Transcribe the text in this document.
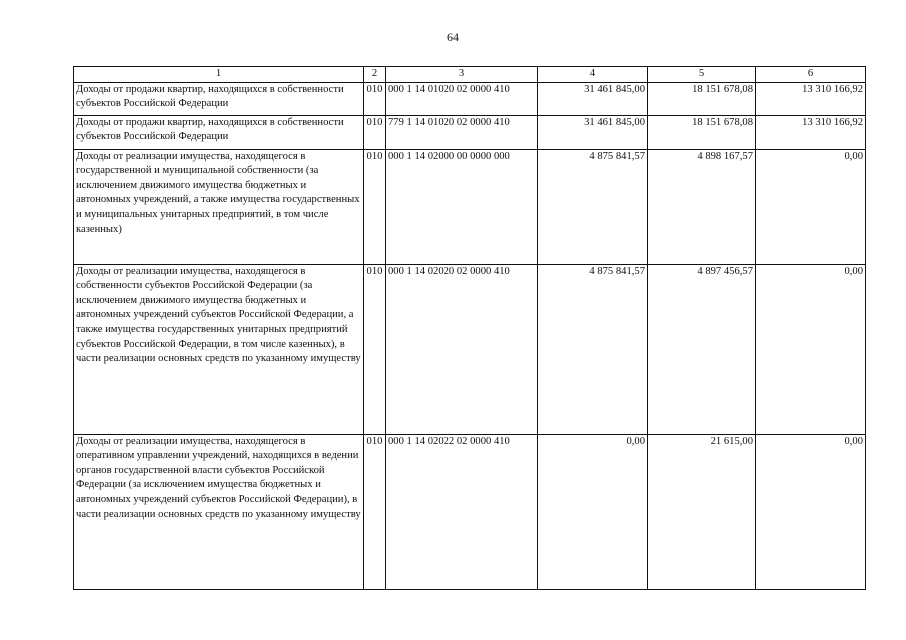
64
1	2	3	4	5	6
Доходы от продажи квартир, находящихся в собственности субъектов Российской Федерации	010	000 1 14 01020 02 0000 410	31 461 845,00	18 151 678,08	13 310 166,92
Доходы от продажи квартир, находящихся в собственности субъектов Российской Федерации	010	779 1 14 01020 02 0000 410	31 461 845,00	18 151 678,08	13 310 166,92
Доходы от реализации имущества, находящегося в государственной и муниципальной собственности (за исключением движимого имущества бюджетных и автономных учреждений, а также имущества государственных и муниципальных унитарных предприятий, в том числе казенных)	010	000 1 14 02000 00 0000 000	4 875 841,57	4 898 167,57	0,00
Доходы от реализации имущества, находящегося в собственности субъектов Российской Федерации (за исключением движимого имущества бюджетных и автономных учреждений субъектов Российской Федерации, а также имущества государственных унитарных предприятий субъектов Российской Федерации, в том числе казенных), в части реализации основных средств по указанному имуществу	010	000 1 14 02020 02 0000 410	4 875 841,57	4 897 456,57	0,00
Доходы от реализации имущества, находящегося в оперативном управлении учреждений, находящихся в ведении органов государственной власти субъектов Российской Федерации (за исключением имущества бюджетных и автономных учреждений субъектов Российской Федерации), в части реализации основных средств по указанному имуществу	010	000 1 14 02022 02 0000 410	0,00	21 615,00	0,00
